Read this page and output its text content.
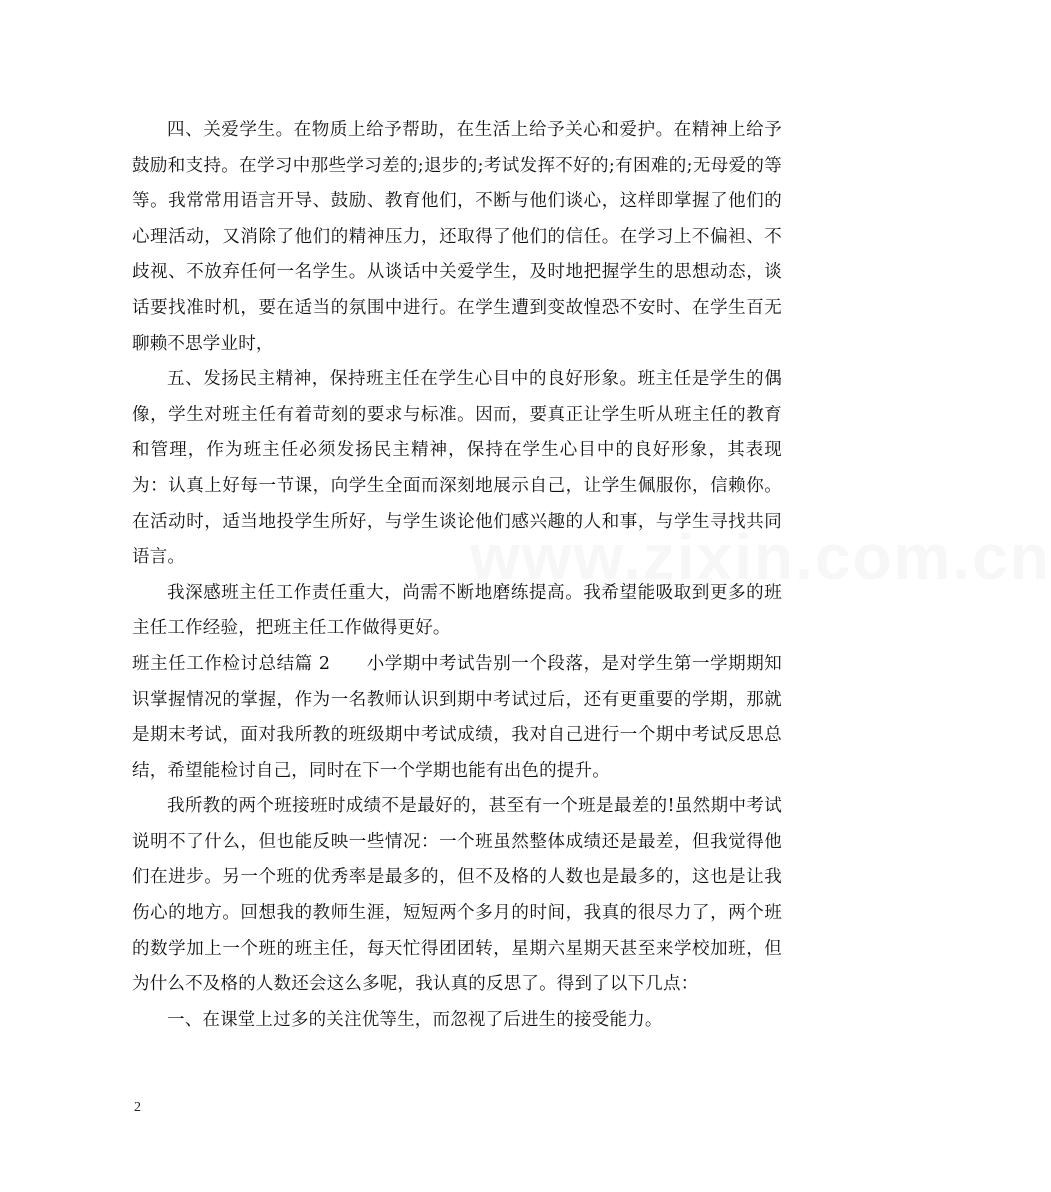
www.zixin.com.cn

四、关爱学生。在物质上给予帮助，在生活上给予关心和爱护。在精神上给予鼓励和支持。在学习中那些学习差的;退步的;考试发挥不好的;有困难的;无母爱的等等。我常常用语言开导、鼓励、教育他们，不断与他们谈心，这样即掌握了他们的心理活动，又消除了他们的精神压力，还取得了他们的信任。在学习上不偏袒、不歧视、不放弃任何一名学生。从谈话中关爱学生，及时地把握学生的思想动态，谈话要找准时机，要在适当的氛围中进行。在学生遭到变故惶恐不安时、在学生百无聊赖不思学业时，

五、发扬民主精神，保持班主任在学生心目中的良好形象。班主任是学生的偶像，学生对班主任有着苛刻的要求与标准。因而，要真正让学生听从班主任的教育和管理，作为班主任必须发扬民主精神，保持在学生心目中的良好形象，其表现为：认真上好每一节课，向学生全面而深刻地展示自己，让学生佩服你，信赖你。在活动时，适当地投学生所好，与学生谈论他们感兴趣的人和事，与学生寻找共同语言。

我深感班主任工作责任重大，尚需不断地磨练提高。我希望能吸取到更多的班主任工作经验，把班主任工作做得更好。

班主任工作检讨总结篇 2　　小学期中考试告别一个段落，是对学生第一学期期知识掌握情况的掌握，作为一名教师认识到期中考试过后，还有更重要的学期，那就是期末考试，面对我所教的班级期中考试成绩，我对自己进行一个期中考试反思总结，希望能检讨自己，同时在下一个学期也能有出色的提升。

我所教的两个班接班时成绩不是最好的，甚至有一个班是最差的!虽然期中考试说明不了什么，但也能反映一些情况：一个班虽然整体成绩还是最差，但我觉得他们在进步。另一个班的优秀率是最多的，但不及格的人数也是最多的，这也是让我伤心的地方。回想我的教师生涯，短短两个多月的时间，我真的很尽力了，两个班的数学加上一个班的班主任，每天忙得团团转，星期六星期天甚至来学校加班，但为什么不及格的人数还会这么多呢，我认真的反思了。得到了以下几点：

一、在课堂上过多的关注优等生，而忽视了后进生的接受能力。

2
